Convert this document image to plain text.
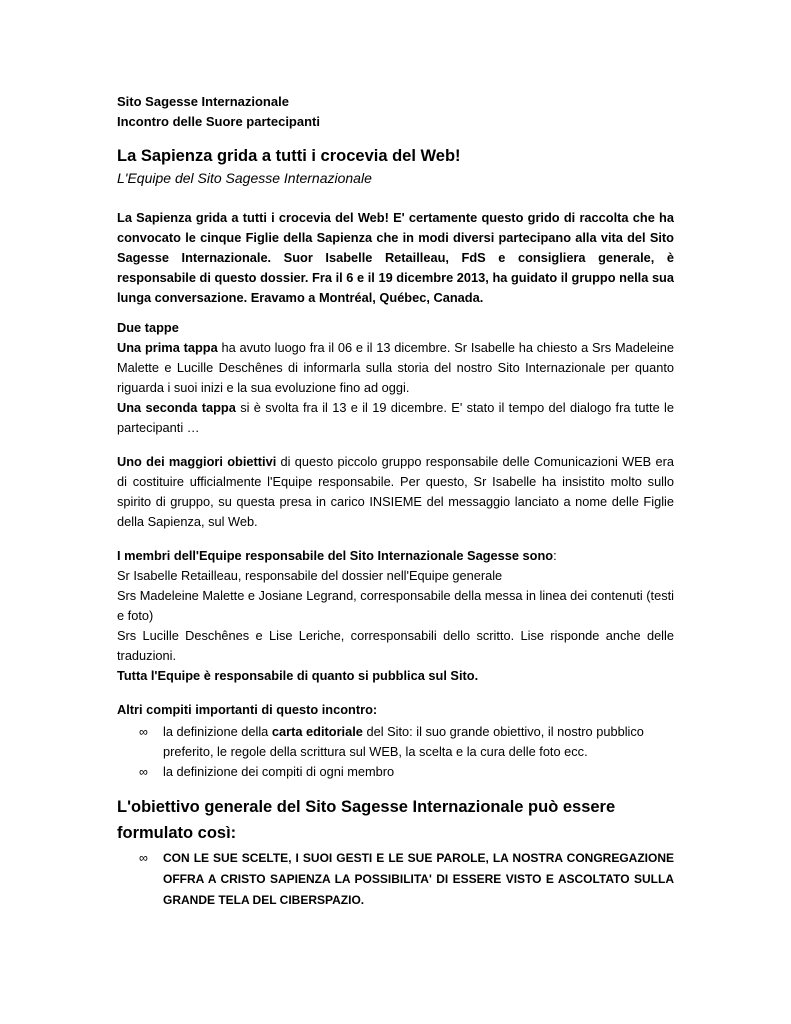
Sito Sagesse Internazionale
Incontro delle Suore partecipanti
La Sapienza grida a tutti i crocevia del Web!
L'Equipe del Sito Sagesse Internazionale

La Sapienza grida a tutti i crocevia del Web! E' certamente questo grido di raccolta che ha convocato le cinque Figlie della Sapienza che in modi diversi partecipano alla vita del Sito Sagesse Internazionale. Suor Isabelle Retailleau, FdS e consigliera generale, è responsabile di questo dossier. Fra il 6 e il 19 dicembre 2013, ha guidato il gruppo nella sua lunga conversazione. Eravamo a Montréal, Québec, Canada.

Due tappe

Una prima tappa ha avuto luogo fra il 06 e il 13 dicembre. Sr Isabelle ha chiesto a Srs Madeleine Malette e Lucille Deschênes di informarla sulla storia del nostro Sito Internazionale per quanto riguarda i suoi inizi e la sua evoluzione fino ad oggi.

Una seconda tappa si è svolta fra il 13 e il 19 dicembre. E' stato il tempo del dialogo fra tutte le partecipanti …

Uno dei maggiori obiettivi di questo piccolo gruppo responsabile delle Comunicazioni WEB era di costituire ufficialmente l'Equipe responsabile. Per questo, Sr Isabelle ha insistito molto sullo spirito di gruppo, su questa presa in carico INSIEME del messaggio lanciato a nome delle Figlie della Sapienza, sul Web.

I membri dell'Equipe responsabile del Sito Internazionale Sagesse sono:

Sr Isabelle Retailleau, responsabile del dossier nell'Equipe generale

Srs Madeleine Malette e Josiane Legrand, corresponsabile della messa in linea dei contenuti (testi e foto)

Srs Lucille Deschênes e Lise Leriche, corresponsabili dello scritto. Lise risponde anche delle traduzioni.

Tutta l'Equipe è responsabile di quanto si pubblica sul Sito.

Altri compiti importanti di questo incontro:

∞ la definizione della carta editoriale del Sito: il suo grande obiettivo, il nostro pubblico preferito, le regole della scrittura sul WEB, la scelta e la cura delle foto ecc.
∞ la definizione dei compiti di ogni membro
L'obiettivo generale del Sito Sagesse Internazionale può essere formulato così:
∞ CON LE SUE SCELTE, I SUOI GESTI E LE SUE PAROLE, LA NOSTRA CONGREGAZIONE OFFRA A CRISTO SAPIENZA LA POSSIBILITA' DI ESSERE VISTO E ASCOLTATO SULLA GRANDE TELA DEL CIBERSPAZIO.
